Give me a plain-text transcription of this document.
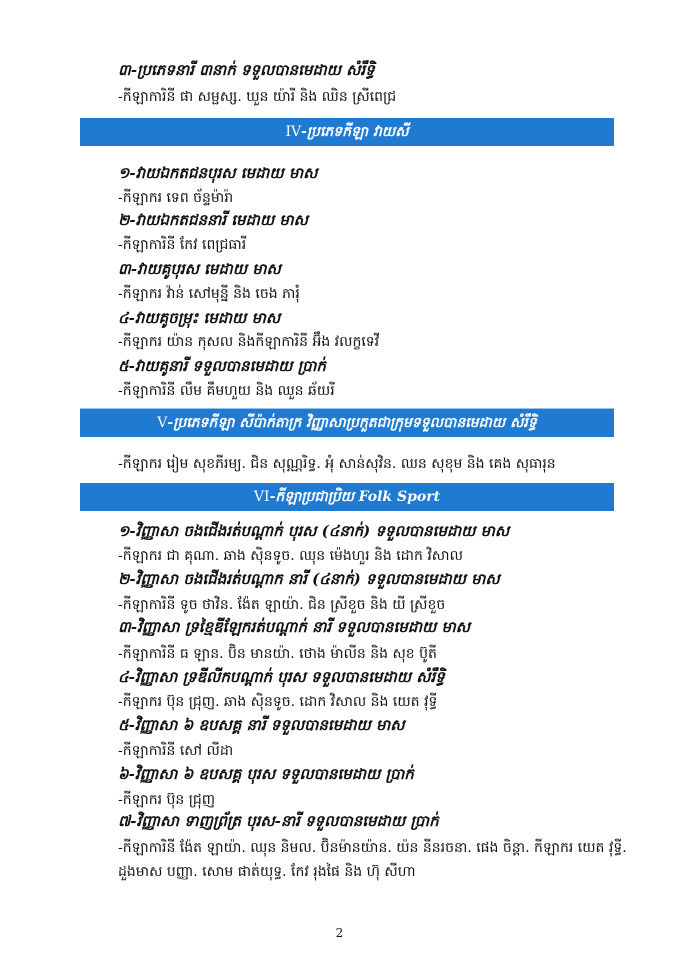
៣-ប្រភេទនារី ៣នាក់ ទទួលបានមេដាយ សំរឹទ្ធិ
-កីឡាការិនី ផា សម្ផស្ស. ឃួន យ៉ារី និង ឈិន ស្រីពេជ្រ
IV-ប្រភេទកីឡា វាយសី
១-វាយឯកតជនបុរស មេដាយ មាស
-កីឡាករ ទេព ច័ន្ទម៉ារ៉ា
២-វាយឯកតជននារី មេដាយ មាស
-កីឡាការិនី កែវ ពេជ្រធារី
៣-វាយគូបុរស មេដាយ មាស
-កីឡាករ វ៉ាន់ សៅមុន្នី និង ចេង ភារុំ
៤-វាយគូចម្រុះ មេដាយ មាស
-កីឡាករ យ៉ាន កុសល និងកីឡាការិនី អ៊ឹង វលក្ខទេវី
៥-វាយគូនារី ទទួលបានមេដាយ ប្រាក់
-កីឡាការិនី លឹម គឹមហួយ និង ឈួន ឆ័យរី
V-ប្រភេទកីឡា សីប៉ាក់តាក្រ វិញ្ញាសាប្រកួតជាក្រុមទទួលបានមេដាយ សំរឹទ្ធិ
-កីឡាករ រៀម សុខភីរម្យ. ជិន សុណ្ណរិទ្ធ. អុំ សាន់សុវិន. ឈន សុខុម និង គេង សុធារុន
VI-កីឡាប្រជាប្រិយ Folk Sport
១-វិញ្ញាសា ចងជើងរត់បណ្ដាក់ បុរស (៤នាក់) ទទួលបានមេដាយ មាស
-កីឡាករ ជា គុណា. ឆាង ស៊ិនទូច. ឈុន ម៉េងហួរ និង ដោក វិសាល
២-វិញ្ញាសា ចងជើងរត់បណ្ដាក នារី (៤នាក់) ទទួលបានមេដាយ មាស
-កីឡាការិនី ទូច ថាវិន. ង៉ែត ឡាយ៉ា. ជិន ស្រីខួច និង យី ស្រីខួច
៣-វិញ្ញាសា ទ្រខ្មៃឌីឡែករត់បណ្ដាក់ នារី ទទួលបានមេដាយ មាស
-កីឡាការិនី ធ ឡាន. ប៊ិន មានយ៉ា. ថោង ម៉ាលីន និង សុខ ប៊ូតី
៤-វិញ្ញាសា ទ្រឌីលីកបណ្ដាក់ បុរស ទទួលបានមេដាយ សំរឹទ្ធិ
-កីឡាករ ប៊ុន ជ្រុញ. ឆាង ស៊ិនទូច. ដោក វិសាល និង យេត វុទ្ធី
៥-វិញ្ញាសា ៦ ឧបសគ្គ នារី ទទួលបានមេដាយ មាស
-កីឡាការិនី សៅ លីដា
៦-វិញ្ញាសា ៦ ឧបសគ្គ បុរស ទទួលបានមេដាយ ប្រាក់
-កីឡាករ ប៊ុន ជ្រុញ
៧-វិញ្ញាសា ទាញព្រ័ត្រ បុរស-នារី ទទួលបានមេដាយ ប្រាក់
-កីឡាការិនី ង៉ែត ឡាយ៉ា. ឈុន និមល. ប៊ិនម៉ានយ៉ាន. យ៉ន នីនរចនា. ផេង ចិន្ដា. កីឡាករ យេត វុទ្ធី.
ដួងមាស បញ្ញា. សោម ផាត់យុទ្ធ. កែវ រុងផៃ និង ហ៊ុ សីហា
2
